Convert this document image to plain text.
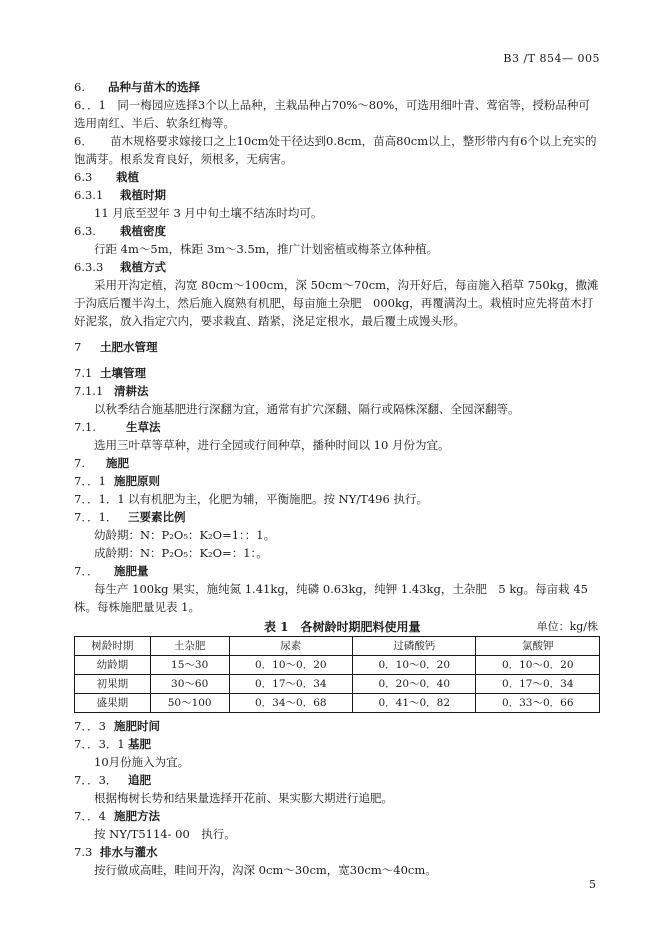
B3 /T 854— 005

6. 品种与苗木的选择

6．．1　同一梅园应选择3个以上品种，主栽品种占70%～80%，可选用细叶青、莺宿等，授粉品种可选用南红、半后、软条红梅等。

6．　　苗木规格要求嫁接口之上10cm处干径达到0.8cm，苗高80cm以上，整形带内有6个以上充实的饱满芽。根系发育良好，须根多，无病害。

6.3 栽植

6.3.1 栽植时期

11 月底至翌年 3 月中旬土壤不结冻时均可。

6.3. 栽植密度

行距 4m～5m，株距 3m～3.5m，推广计划密植或梅茶立体种植。

6.3.3 栽植方式

采用开沟定植，沟宽 80cm～100cm，深 50cm～70cm，沟开好后，每亩施入稻草 750kg，撒滩于沟底后覆半沟土，然后施入腐熟有机肥，每亩施土杂肥　000kg，再覆满沟土。栽植时应先将苗木打好泥浆，放入指定穴内，要求栽直、踏紧，浇足定根水，最后覆土成馒头形。

7 土肥水管理

7.1 土壤管理

7.1.1 清耕法

以秋季结合施基肥进行深翻为宜，通常有扩穴深翻、隔行或隔株深翻、全园深翻等。

7.1.	生草法

选用三叶草等草种，进行全园或行间种草，播种时间以 10 月份为宜。

7. 施肥

7．．1 施肥原则

7．．1．1 以有机肥为主，化肥为辅，平衡施肥。按 NY/T496 执行。

7．．1． 三要素比例

幼龄期：N：P₂O₅：K₂O=1：：1。

成龄期：N：P₂O₅：K₂O=：1：。

7．． 施肥量

每生产 100kg 果实，施纯氮 1.41kg，纯磷 0.63kg，纯钾 1.43kg，土杂肥　5 kg。每亩栽 45 株。每株施肥量见表 1。

表 1　各树龄时期肥料使用量	单位：kg/株
树龄时期	土杂肥	尿素	过磷酸钙	氯酸钾
幼龄期	15～30	0．10～0．20	0．10～0．20	0．10～0．20
初果期	30～60	0．17～0．34	0．20～0．40	0．17～0．34
盛果期	50～100	0．34～0．68	0．41～0．82	0．33～0．66

7．．3 施肥时间

7．．3．1 基肥

10月份施入为宜。

7．．3． 追肥

根据梅树长势和结果量选择开花前、果实膨大期进行追肥。

7．．4 施肥方法

按 NY/T5114- 00　执行。

7.3 排水与灌水

按行做成高畦，畦间开沟，沟深 0cm～30cm，宽30cm～40cm。

5
